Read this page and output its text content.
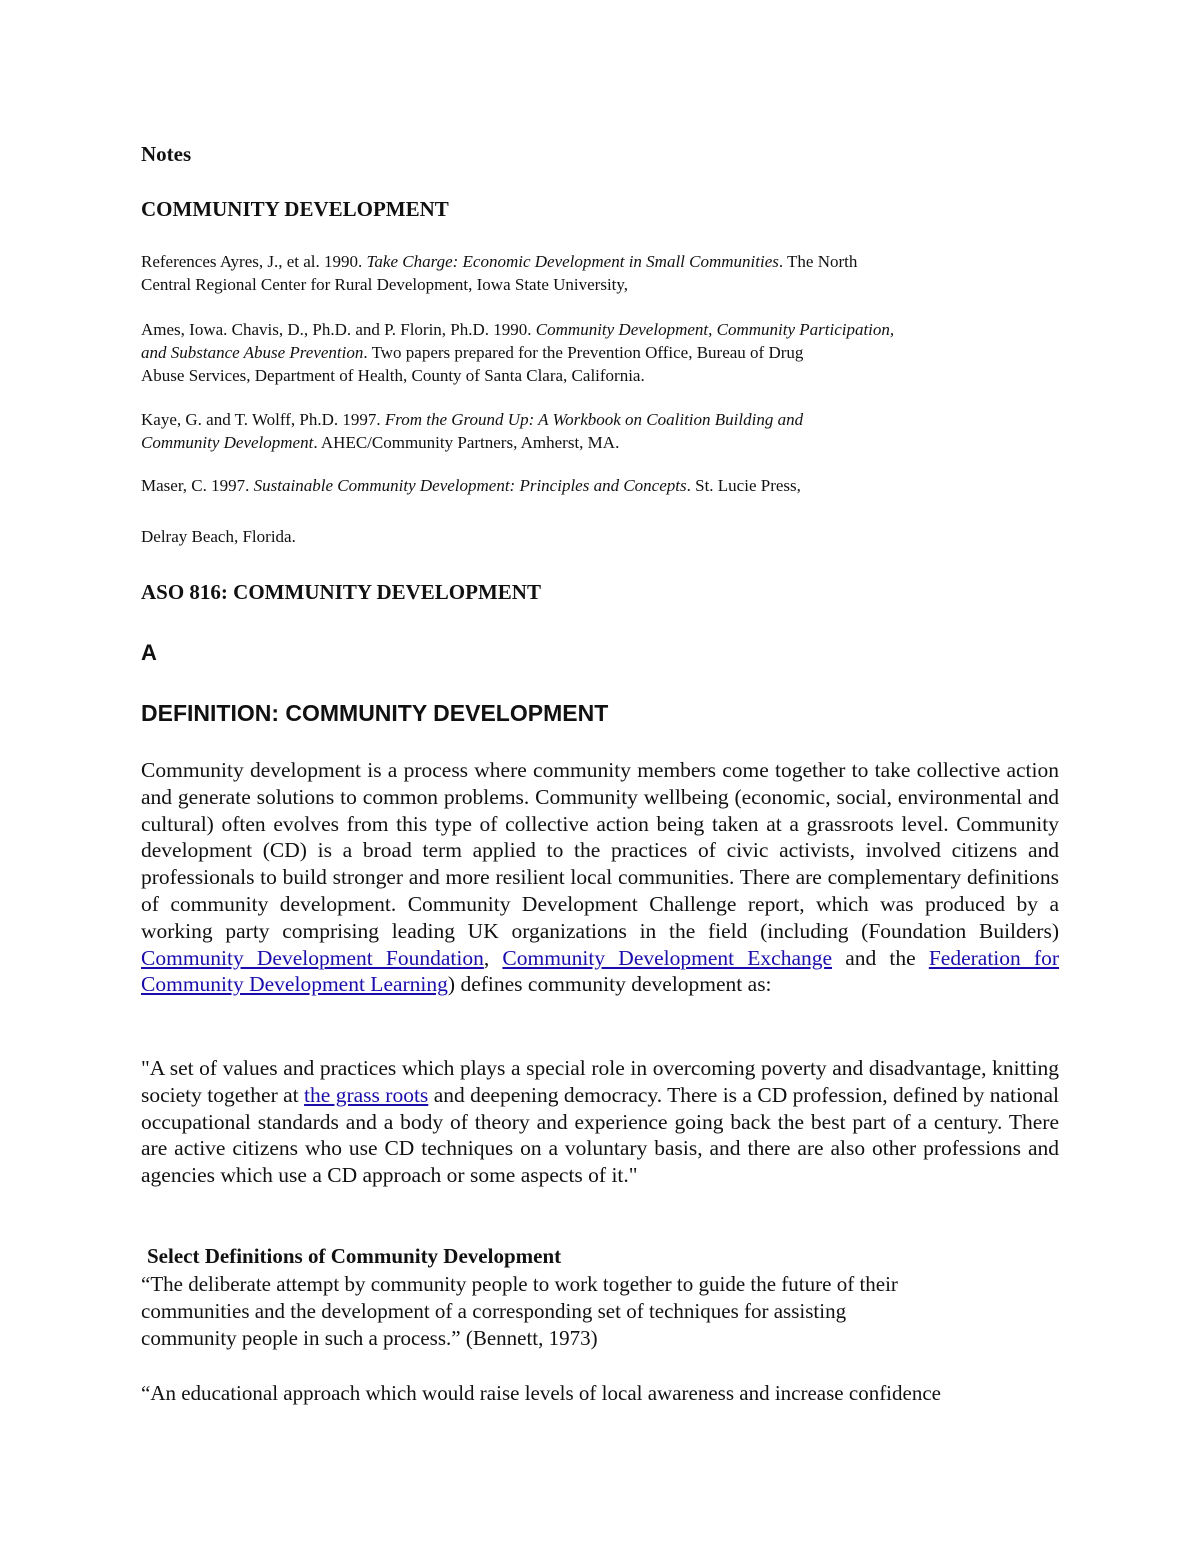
Notes
COMMUNITY DEVELOPMENT
References Ayres, J., et al. 1990. Take Charge: Economic Development in Small Communities. The North
Central Regional Center for Rural Development, Iowa State University,
Ames, Iowa. Chavis, D., Ph.D. and P. Florin, Ph.D. 1990. Community Development, Community Participation,
and Substance Abuse Prevention. Two papers prepared for the Prevention Office, Bureau of Drug
Abuse Services, Department of Health, County of Santa Clara, California.
Kaye, G. and T. Wolff, Ph.D. 1997. From the Ground Up: A Workbook on Coalition Building and
Community Development. AHEC/Community Partners, Amherst, MA.
Maser, C. 1997. Sustainable Community Development: Principles and Concepts. St. Lucie Press,
Delray Beach, Florida.
ASO 816: COMMUNITY DEVELOPMENT
A
DEFINITION: COMMUNITY DEVELOPMENT

Community development is a process where community members come together to take collective action and generate solutions to common problems. Community wellbeing (economic, social, environmental and cultural) often evolves from this type of collective action being taken at a grassroots level. Community development (CD) is a broad term applied to the practices of civic activists, involved citizens and professionals to build stronger and more resilient local communities. There are complementary definitions of community development. Community Development Challenge report, which was produced by a working party comprising leading UK organizations in the field (including (Foundation Builders) Community Development Foundation, Community Development Exchange and the Federation for Community Development Learning) defines community development as:

"A set of values and practices which plays a special role in overcoming poverty and disadvantage, knitting society together at the grass roots and deepening democracy. There is a CD profession, defined by national occupational standards and a body of theory and experience going back the best part of a century. There are active citizens who use CD techniques on a voluntary basis, and there are also other professions and agencies which use a CD approach or some aspects of it."

Select Definitions of Community Development
“The deliberate attempt by community people to work together to guide the future of their
communities and the development of a corresponding set of techniques for assisting
community people in such a process.” (Bennett, 1973)
“An educational approach which would raise levels of local awareness and increase confidence
